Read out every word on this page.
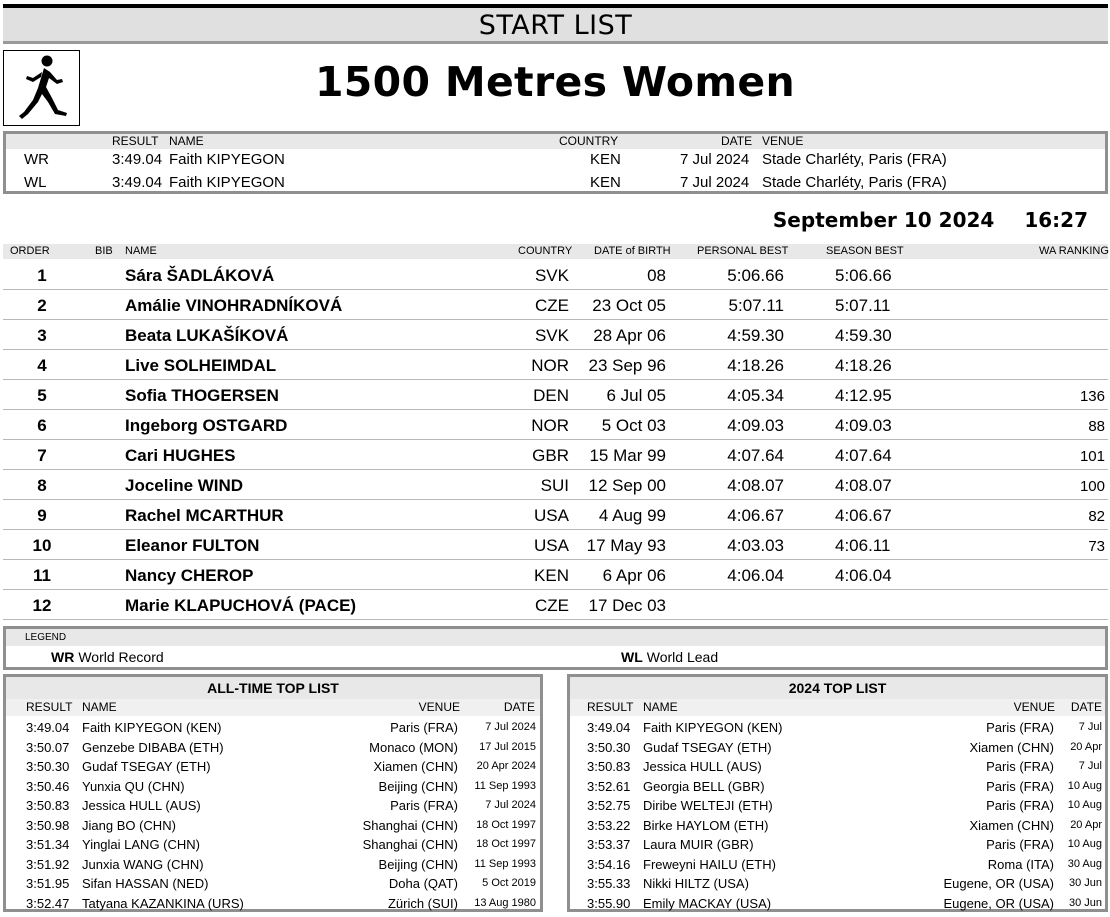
START LIST
1500 Metres Women
RESULT NAME	COUNTRY	DATE VENUE
WR	3:49.04 Faith KIPYEGON	KEN	7 Jul 2024 Stade Charléty, Paris (FRA)
WL	3:49.04 Faith KIPYEGON	KEN	7 Jul 2024 Stade Charléty, Paris (FRA)
September 10 2024 16:27
ORDER	BIB NAME	COUNTRY DATE of BIRTH PERSONAL BEST	SEASON BEST	WA RANKING
1	Sára ŠADLÁKOVÁ	SVK	08	5:06.66	5:06.66
2	Amálie VINOHRADNÍKOVÁ	CZE	23 Oct 05	5:07.11	5:07.11
3	Beata LUKAŠÍKOVÁ	SVK	28 Apr 06	4:59.30	4:59.30
4	Live SOLHEIMDAL	NOR	23 Sep 96	4:18.26	4:18.26
5	Sofia THOGERSEN	DEN	6 Jul 05	4:05.34	4:12.95	136
6	Ingeborg OSTGARD	NOR	5 Oct 03	4:09.03	4:09.03	88
7	Cari HUGHES	GBR	15 Mar 99	4:07.64	4:07.64	101
8	Joceline WIND	SUI	12 Sep 00	4:08.07	4:08.07	100
9	Rachel MCARTHUR	USA	4 Aug 99	4:06.67	4:06.67	82
10	Eleanor FULTON	USA	17 May 93	4:03.03	4:06.11	73
11	Nancy CHEROP	KEN	6 Apr 06	4:06.04	4:06.04
12	Marie KLAPUCHOVÁ (PACE)	CZE	17 Dec 03
LEGEND
WR World Record	WL World Lead
ALL-TIME TOP LIST
RESULT NAME	VENUE	DATE
3:49.04 Faith KIPYEGON (KEN)	Paris (FRA) 7 Jul 2024
3:50.07 Genzebe DIBABA (ETH)	Monaco (MON) 17 Jul 2015
3:50.30 Gudaf TSEGAY (ETH)	Xiamen (CHN) 20 Apr 2024
3:50.46 Yunxia QU (CHN)	Beijing (CHN) 11 Sep 1993
3:50.83 Jessica HULL (AUS)	Paris (FRA) 7 Jul 2024
3:50.98 Jiang BO (CHN)	Shanghai (CHN) 18 Oct 1997
3:51.34 Yinglai LANG (CHN)	Shanghai (CHN) 18 Oct 1997
3:51.92 Junxia WANG (CHN)	Beijing (CHN) 11 Sep 1993
3:51.95 Sifan HASSAN (NED)	Doha (QAT) 5 Oct 2019
3:52.47 Tatyana KAZANKINA (URS)	Zürich (SUI) 13 Aug 1980
2024 TOP LIST
RESULT NAME	VENUE DATE
3:49.04 Faith KIPYEGON (KEN)	Paris (FRA) 7 Jul
3:50.30 Gudaf TSEGAY (ETH)	Xiamen (CHN) 20 Apr
3:50.83 Jessica HULL (AUS)	Paris (FRA) 7 Jul
3:52.61 Georgia BELL (GBR)	Paris (FRA) 10 Aug
3:52.75 Diribe WELTEJI (ETH)	Paris (FRA) 10 Aug
3:53.22 Birke HAYLOM (ETH)	Xiamen (CHN) 20 Apr
3:53.37 Laura MUIR (GBR)	Paris (FRA) 10 Aug
3:54.16 Freweyni HAILU (ETH)	Roma (ITA) 30 Aug
3:55.33 Nikki HILTZ (USA)	Eugene, OR (USA) 30 Jun
3:55.90 Emily MACKAY (USA)	Eugene, OR (USA) 30 Jun
